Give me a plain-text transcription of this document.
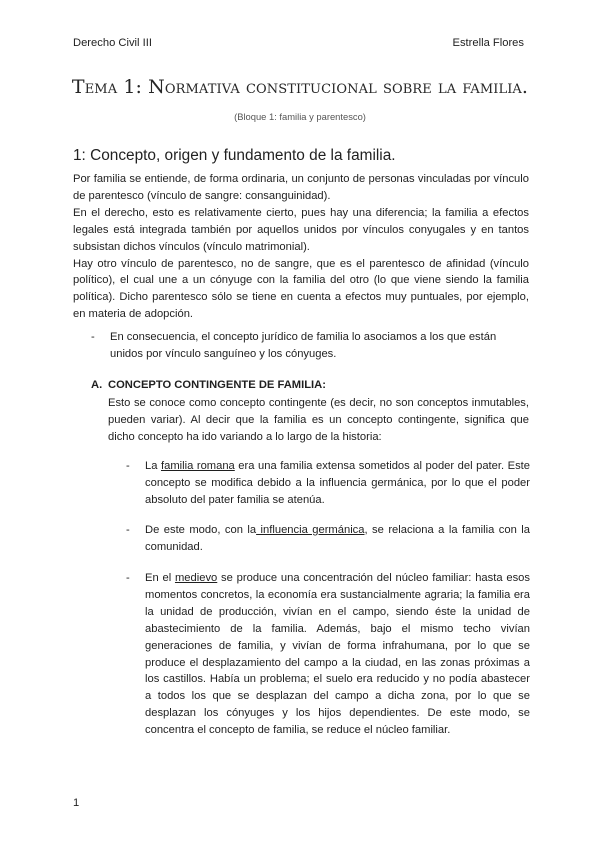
Derecho Civil III	Estrella Flores
Tema 1: Normativa constitucional sobre la familia.
(Bloque 1: familia y parentesco)
1: Concepto, origen y fundamento de la familia.

Por familia se entiende, de forma ordinaria, un conjunto de personas vinculadas por vínculo de parentesco (vínculo de sangre: consanguinidad).

En el derecho, esto es relativamente cierto, pues hay una diferencia; la familia a efectos legales está integrada también por aquellos unidos por vínculos conyugales y en tantos subsistan dichos vínculos (vínculo matrimonial).

Hay otro vínculo de parentesco, no de sangre, que es el parentesco de afinidad (vínculo político), el cual une a un cónyuge con la familia del otro (lo que viene siendo la familia política). Dicho parentesco sólo se tiene en cuenta a efectos muy puntuales, por ejemplo, en materia de adopción.

- En consecuencia, el concepto jurídico de familia lo asociamos a los que están unidos por vínculo sanguíneo y los cónyuges.
A. CONCEPTO CONTINGENTE DE FAMILIA:

Esto se conoce como concepto contingente (es decir, no son conceptos inmutables, pueden variar). Al decir que la familia es un concepto contingente, significa que dicho concepto ha ido variando a lo largo de la historia:

- La familia romana era una familia extensa sometidos al poder del pater. Este concepto se modifica debido a la influencia germánica, por lo que el poder absoluto del pater familia se atenúa.
- De este modo, con la influencia germánica, se relaciona a la familia con la comunidad.
- En el medievo se produce una concentración del núcleo familiar: hasta esos momentos concretos, la economía era sustancialmente agraria; la familia era la unidad de producción, vivían en el campo, siendo éste la unidad de abastecimiento de la familia. Además, bajo el mismo techo vivían generaciones de familia, y vivían de forma infrahumana, por lo que se produce el desplazamiento del campo a la ciudad, en las zonas próximas a los castillos. Había un problema; el suelo era reducido y no podía abastecer a todos los que se desplazan del campo a dicha zona, por lo que se desplazan los cónyuges y los hijos dependientes. De este modo, se concentra el concepto de familia, se reduce el núcleo familiar.
1
